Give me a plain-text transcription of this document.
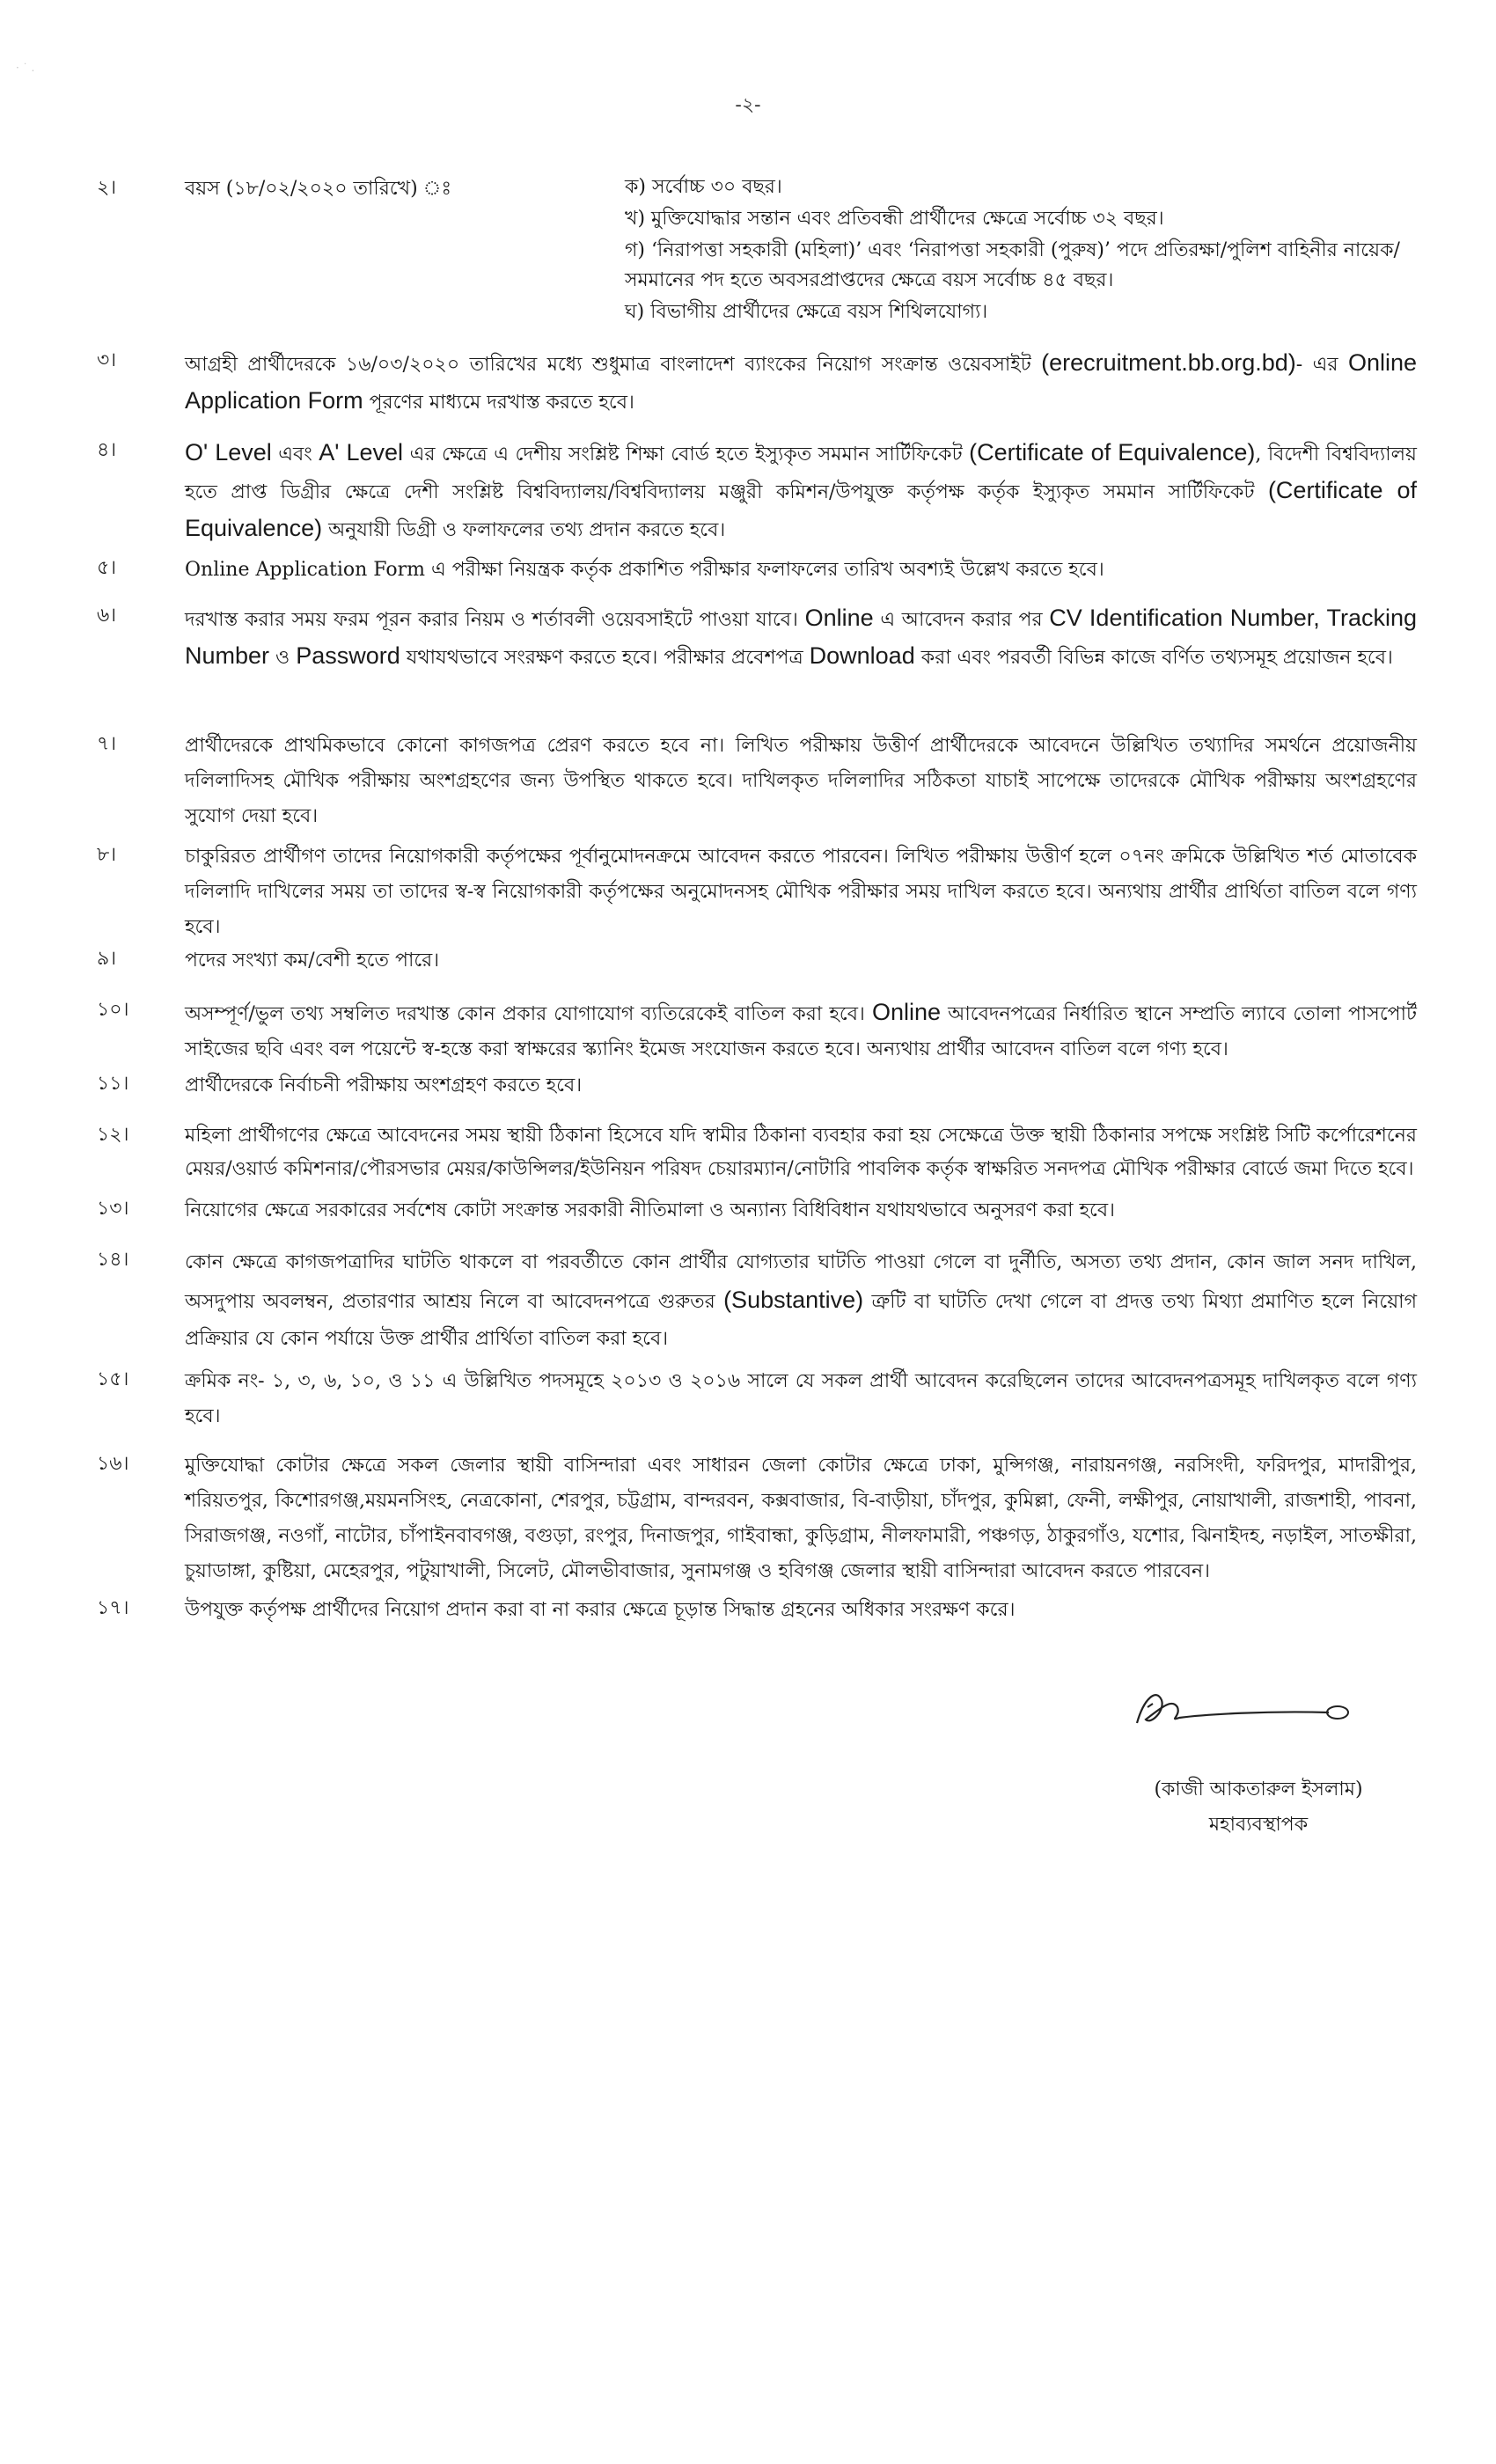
· ˙ .
-২-
২।	বয়স (১৮/০২/২০২০ তারিখে) ঃ	ক) সর্বোচ্চ ৩০ বছর।
খ) মুক্তিযোদ্ধার সন্তান এবং প্রতিবন্ধী প্রার্থীদের ক্ষেত্রে সর্বোচ্চ ৩২ বছর।
গ) ‘নিরাপত্তা সহকারী (মহিলা)’ এবং ‘নিরাপত্তা সহকারী (পুরুষ)’ পদে প্রতিরক্ষা/পুলিশ বাহিনীর নায়েক/সমমানের পদ হতে অবসরপ্রাপ্তদের ক্ষেত্রে বয়স সর্বোচ্চ ৪৫ বছর।
ঘ) বিভাগীয় প্রার্থীদের ক্ষেত্রে বয়স শিথিলযোগ্য।
৩।	আগ্রহী প্রার্থীদেরকে ১৬/০৩/২০২০ তারিখের মধ্যে শুধুমাত্র বাংলাদেশ ব্যাংকের নিয়োগ সংক্রান্ত ওয়েবসাইট (erecruitment.bb.org.bd)- এর Online Application Form পূরণের মাধ্যমে দরখাস্ত করতে হবে।
৪।	O' Level এবং A' Level এর ক্ষেত্রে এ দেশীয় সংশ্লিষ্ট শিক্ষা বোর্ড হতে ইস্যুকৃত সমমান সার্টিফিকেট (Certificate of Equivalence), বিদেশী বিশ্ববিদ্যালয় হতে প্রাপ্ত ডিগ্রীর ক্ষেত্রে দেশী সংশ্লিষ্ট বিশ্ববিদ্যালয়/বিশ্ববিদ্যালয় মঞ্জুরী কমিশন/উপযুক্ত কর্তৃপক্ষ কর্তৃক ইস্যুকৃত সমমান সার্টিফিকেট (Certificate of Equivalence) অনুযায়ী ডিগ্রী ও ফলাফলের তথ্য প্রদান করতে হবে।
৫।	Online Application Form এ পরীক্ষা নিয়ন্ত্রক কর্তৃক প্রকাশিত পরীক্ষার ফলাফলের তারিখ অবশ্যই উল্লেখ করতে হবে।
৬।	দরখাস্ত করার সময় ফরম পূরন করার নিয়ম ও শর্তাবলী ওয়েবসাইটে পাওয়া যাবে। Online এ আবেদন করার পর CV Identification Number, Tracking Number ও Password যথাযথভাবে সংরক্ষণ করতে হবে। পরীক্ষার প্রবেশপত্র Download করা এবং পরবর্তী বিভিন্ন কাজে বর্ণিত তথ্যসমূহ প্রয়োজন হবে।
৭।	প্রার্থীদেরকে প্রাথমিকভাবে কোনো কাগজপত্র প্রেরণ করতে হবে না। লিখিত পরীক্ষায় উত্তীর্ণ প্রার্থীদেরকে আবেদনে উল্লিখিত তথ্যাদির সমর্থনে প্রয়োজনীয় দলিলাদিসহ মৌখিক পরীক্ষায় অংশগ্রহণের জন্য উপস্থিত থাকতে হবে। দাখিলকৃত দলিলাদির সঠিকতা যাচাই সাপেক্ষে তাদেরকে মৌখিক পরীক্ষায় অংশগ্রহণের সুযোগ দেয়া হবে।
৮।	চাকুরিরত প্রার্থীগণ তাদের নিয়োগকারী কর্তৃপক্ষের পূর্বানুমোদনক্রমে আবেদন করতে পারবেন। লিখিত পরীক্ষায় উত্তীর্ণ হলে ০৭নং ক্রমিকে উল্লিখিত শর্ত মোতাবেক দলিলাদি দাখিলের সময় তা তাদের স্ব-স্ব নিয়োগকারী কর্তৃপক্ষের অনুমোদনসহ মৌখিক পরীক্ষার সময় দাখিল করতে হবে। অন্যথায় প্রার্থীর প্রার্থিতা বাতিল বলে গণ্য হবে।
৯।	পদের সংখ্যা কম/বেশী হতে পারে।
১০।	অসম্পূর্ণ/ভুল তথ্য সম্বলিত দরখাস্ত কোন প্রকার যোগাযোগ ব্যতিরেকেই বাতিল করা হবে। Online আবেদনপত্রের নির্ধারিত স্থানে সম্প্রতি ল্যাবে তোলা পাসপোর্ট সাইজের ছবি এবং বল পয়েন্টে স্ব-হস্তে করা স্বাক্ষরের স্ক্যানিং ইমেজ সংযোজন করতে হবে। অন্যথায় প্রার্থীর আবেদন বাতিল বলে গণ্য হবে।
১১।	প্রার্থীদেরকে নির্বাচনী পরীক্ষায় অংশগ্রহণ করতে হবে।
১২।	মহিলা প্রার্থীগণের ক্ষেত্রে আবেদনের সময় স্থায়ী ঠিকানা হিসেবে যদি স্বামীর ঠিকানা ব্যবহার করা হয় সেক্ষেত্রে উক্ত স্থায়ী ঠিকানার সপক্ষে সংশ্লিষ্ট সিটি কর্পোরেশনের মেয়র/ওয়ার্ড কমিশনার/পৌরসভার মেয়র/কাউন্সিলর/ইউনিয়ন পরিষদ চেয়ারম্যান/নোটারি পাবলিক কর্তৃক স্বাক্ষরিত সনদপত্র মৌখিক পরীক্ষার বোর্ডে জমা দিতে হবে।
১৩।	নিয়োগের ক্ষেত্রে সরকারের সর্বশেষ কোটা সংক্রান্ত সরকারী নীতিমালা ও অন্যান্য বিধিবিধান যথাযথভাবে অনুসরণ করা হবে।
১৪।	কোন ক্ষেত্রে কাগজপত্রাদির ঘাটতি থাকলে বা পরবর্তীতে কোন প্রার্থীর যোগ্যতার ঘাটতি পাওয়া গেলে বা দুর্নীতি, অসত্য তথ্য প্রদান, কোন জাল সনদ দাখিল, অসদুপায় অবলম্বন, প্রতারণার আশ্রয় নিলে বা আবেদনপত্রে গুরুতর (Substantive) ত্রুটি বা ঘাটতি দেখা গেলে বা প্রদত্ত তথ্য মিথ্যা প্রমাণিত হলে নিয়োগ প্রক্রিয়ার যে কোন পর্যায়ে উক্ত প্রার্থীর প্রার্থিতা বাতিল করা হবে।
১৫।	ক্রমিক নং- ১, ৩, ৬, ১০, ও ১১ এ উল্লিখিত পদসমূহে ২০১৩ ও ২০১৬ সালে যে সকল প্রার্থী আবেদন করেছিলেন তাদের আবেদনপত্রসমূহ দাখিলকৃত বলে গণ্য হবে।
১৬।	মুক্তিযোদ্ধা কোটার ক্ষেত্রে সকল জেলার স্থায়ী বাসিন্দারা এবং সাধারন জেলা কোটার ক্ষেত্রে ঢাকা, মুন্সিগঞ্জ, নারায়নগঞ্জ, নরসিংদী, ফরিদপুর, মাদারীপুর, শরিয়তপুর, কিশোরগঞ্জ,ময়মনসিংহ, নেত্রকোনা, শেরপুর, চট্টগ্রাম, বান্দরবন, কক্সবাজার, বি-বাড়ীয়া, চাঁদপুর, কুমিল্লা, ফেনী, লক্ষীপুর, নোয়াখালী, রাজশাহী, পাবনা, সিরাজগঞ্জ, নওগাঁ, নাটোর, চাঁপাইনবাবগঞ্জ, বগুড়া, রংপুর, দিনাজপুর, গাইবান্ধা, কুড়িগ্রাম, নীলফামারী, পঞ্চগড়, ঠাকুরগাঁও, যশোর, ঝিনাইদহ, নড়াইল, সাতক্ষীরা, চুয়াডাঙ্গা, কুষ্টিয়া, মেহেরপুর, পটুয়াখালী, সিলেট, মৌলভীবাজার, সুনামগঞ্জ ও হবিগঞ্জ জেলার স্থায়ী বাসিন্দারা আবেদন করতে পারবেন।
১৭।	উপযুক্ত কর্তৃপক্ষ প্রার্থীদের নিয়োগ প্রদান করা বা না করার ক্ষেত্রে চূড়ান্ত সিদ্ধান্ত গ্রহনের অধিকার সংরক্ষণ করে।
(কাজী আকতারুল ইসলাম)
মহাব্যবস্থাপক
